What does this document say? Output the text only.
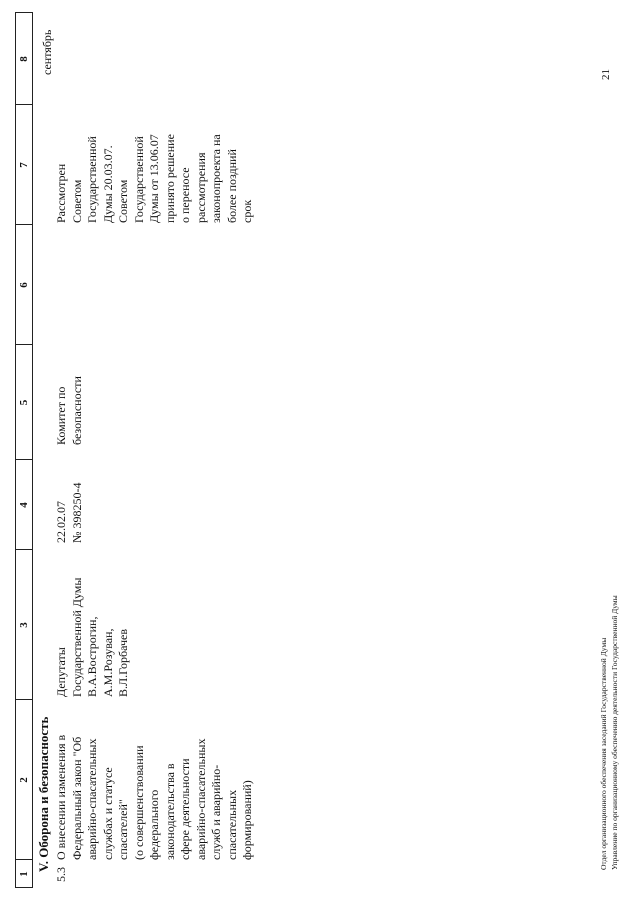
1
2
3
4
5
6
7
8
V. Оборона и безопасность
5.3
О внесении изменения в Федеральный закон "Об аварийно-спасательных службах и статусе спасателей" (о совершенствовании федерального законодательства в сфере деятельности аварийно-спасательных служб и аварийно- спасательных формирований)
Депутаты Государственной Думы В.А.Вострогин, А.М.Розуван, В.Л.Горбачев
22.02.07 № 398250-4
Комитет по безопасности
Рассмотрен Советом Государственной Думы 20.03.07. Советом Государственной Думы от 13.06.07 принято решение о переносе рассмотрения законопроекта на более поздний срок
сентябрь
Отдел организационного обеспечения заседаний Государственной Думы Управление по организационному обеспечению деятельности Государственной Думы
21
